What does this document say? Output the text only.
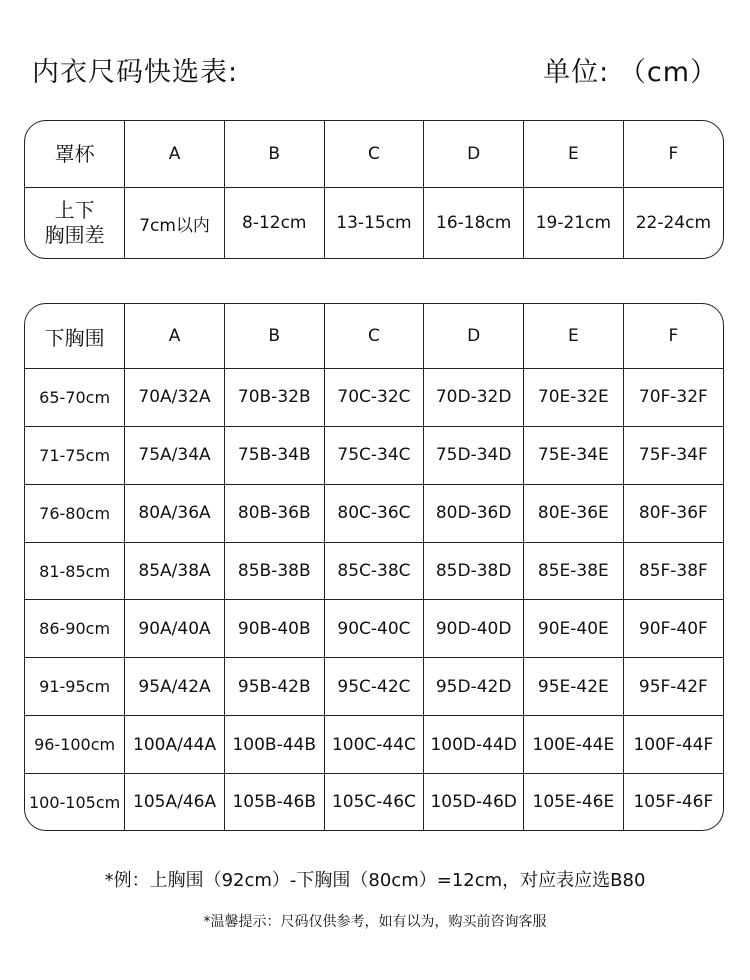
内衣尺码快选表:	单位: （cm）
罩杯	A	B	C	D	E	F

上下
胸围差	7cm以内	8-12cm	13-15cm	16-18cm	19-21cm	22-24cm
下胸围	A	B	C	D	E	F
65-70cm	70A/32A	70B-32B	70C-32C	70D-32D	70E-32E	70F-32F
71-75cm	75A/34A	75B-34B	75C-34C	75D-34D	75E-34E	75F-34F
76-80cm	80A/36A	80B-36B	80C-36C	80D-36D	80E-36E	80F-36F
81-85cm	85A/38A	85B-38B	85C-38C	85D-38D	85E-38E	85F-38F
86-90cm	90A/40A	90B-40B	90C-40C	90D-40D	90E-40E	90F-40F
91-95cm	95A/42A	95B-42B	95C-42C	95D-42D	95E-42E	95F-42F
96-100cm	100A/44A	100B-44B	100C-44C	100D-44D	100E-44E	100F-44F
100-105cm	105A/46A	105B-46B	105C-46C	105D-46D	105E-46E	105F-46F
*例：上胸围（92cm）-下胸围（80cm）=12cm，对应表应选B80
*温馨提示：尺码仅供参考，如有以为，购买前咨询客服
